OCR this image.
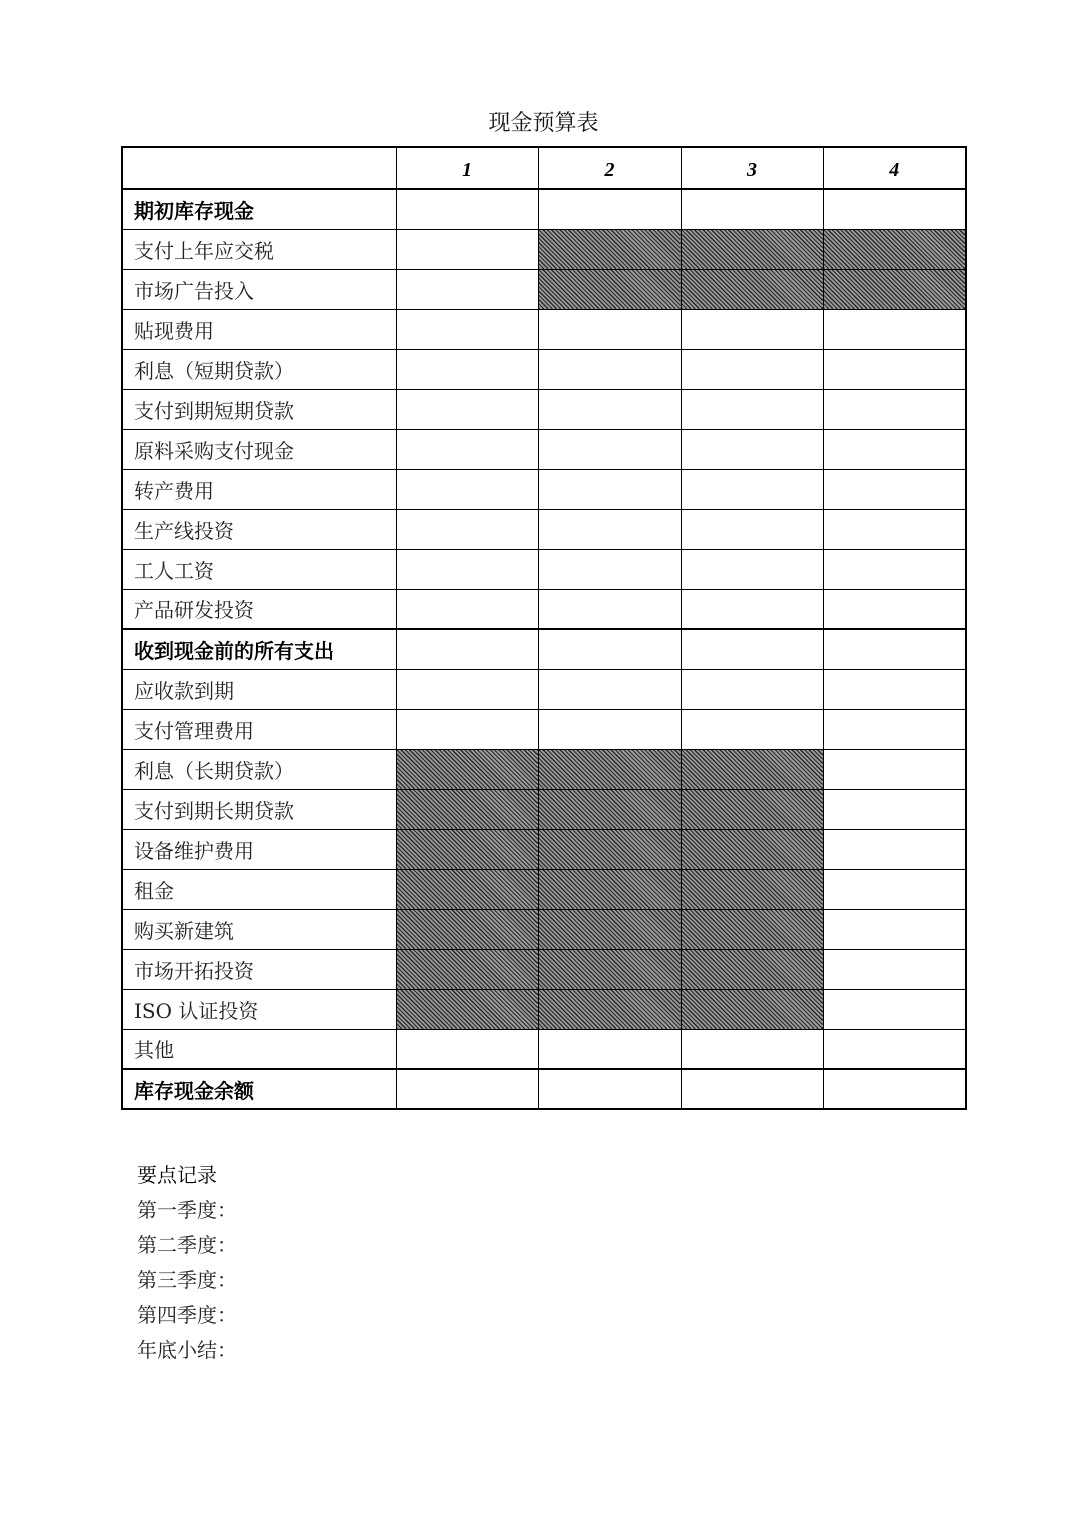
现金预算表
	1	2	3	4
期初库存现金				
支付上年应交税				
市场广告投入				
贴现费用				
利息（短期贷款）				
支付到期短期贷款				
原料采购支付现金				
转产费用				
生产线投资				
工人工资				
产品研发投资				
收到现金前的所有支出				
应收款到期				
支付管理费用				
利息（长期贷款）				
支付到期长期贷款				
设备维护费用				
租金				
购买新建筑				
市场开拓投资				
ISO 认证投资				
其他				
库存现金余额				
要点记录
第一季度：
第二季度：
第三季度：
第四季度：
年底小结：
